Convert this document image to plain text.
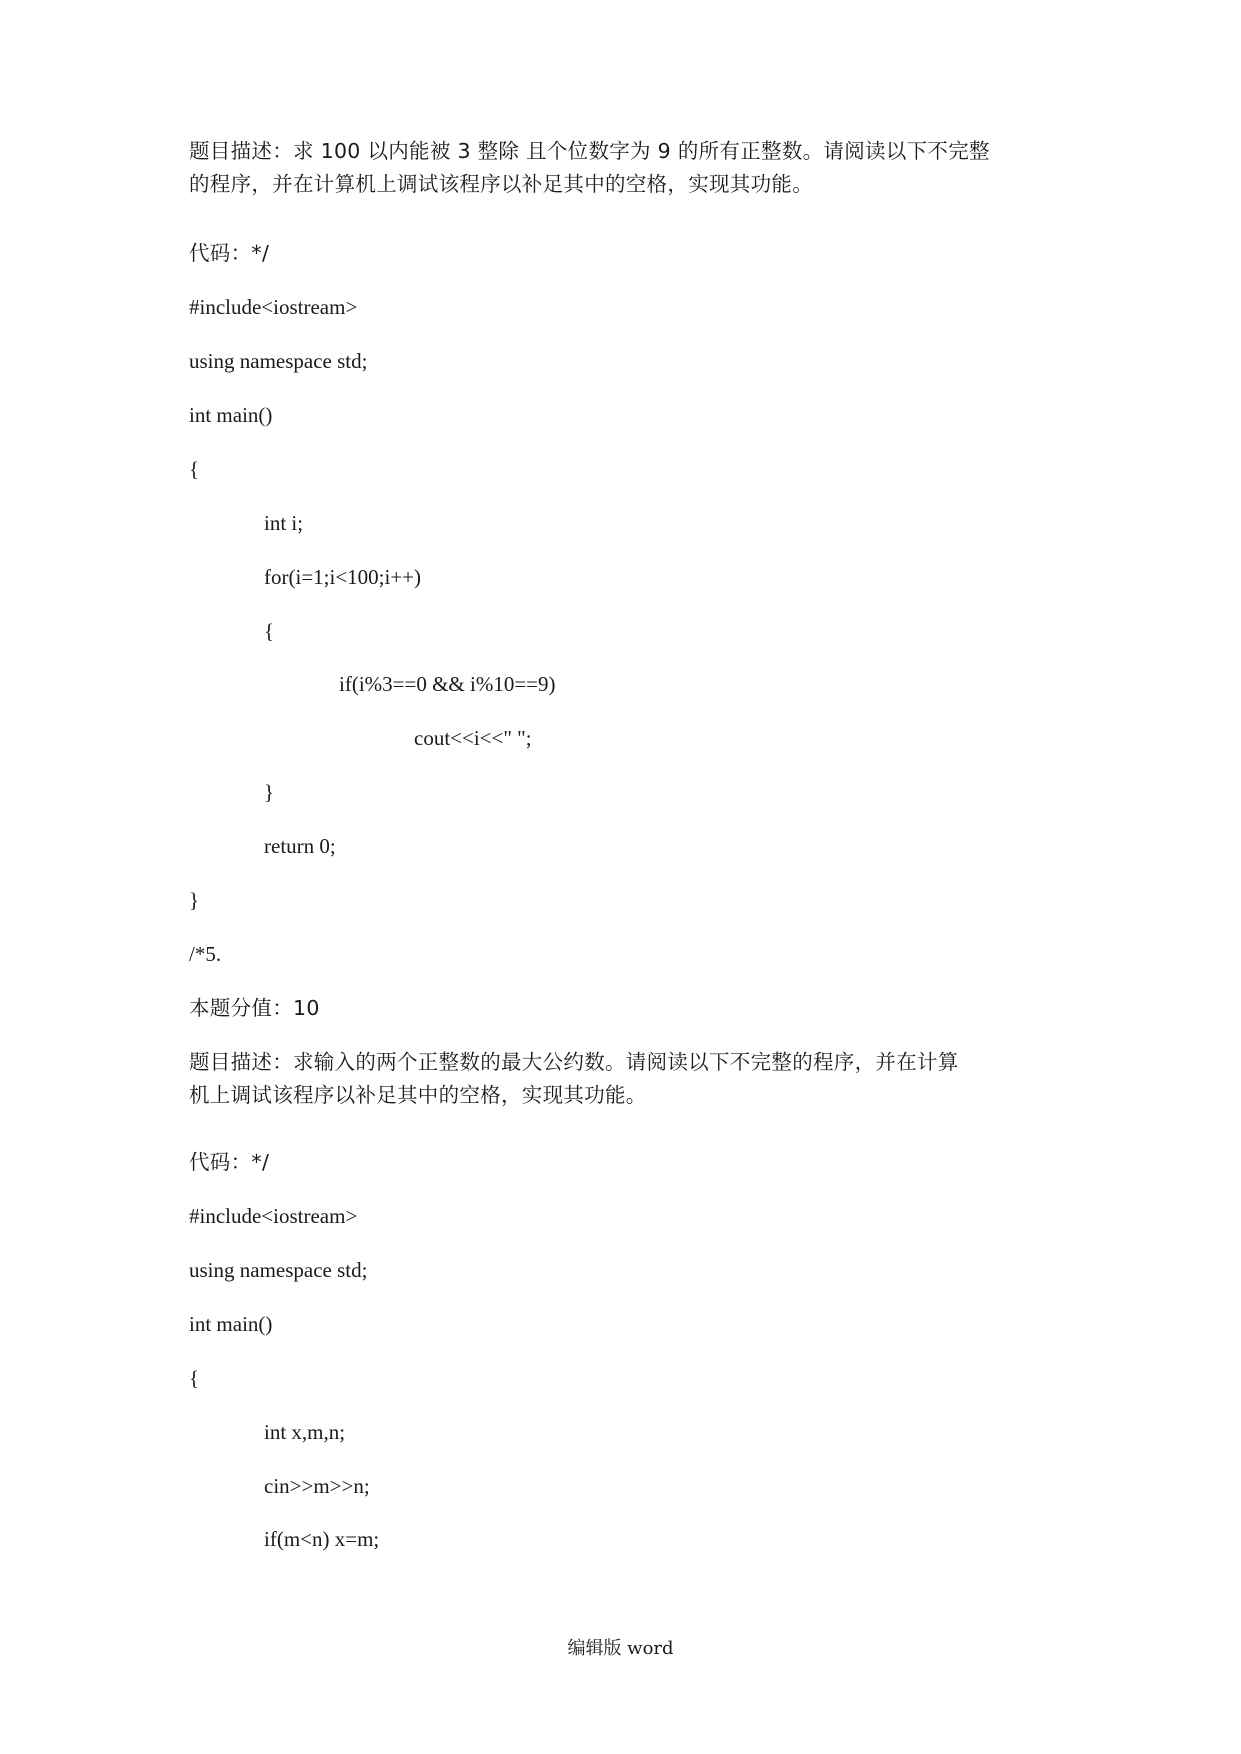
题目描述：求 100 以内能被 3 整除 且个位数字为 9 的所有正整数。请阅读以下不完整
的程序，并在计算机上调试该程序以补足其中的空格，实现其功能。
代码：*/
#include<iostream>
using namespace std;
int main()
{
int i;
for(i=1;i<100;i++)
{
if(i%3==0 && i%10==9)
cout<<i<<" ";
}
return 0;
}
/*5.
本题分值：10
题目描述：求输入的两个正整数的最大公约数。请阅读以下不完整的程序，并在计算
机上调试该程序以补足其中的空格，实现其功能。
代码：*/
#include<iostream>
using namespace std;
int main()
{
int x,m,n;
cin>>m>>n;
if(m<n) x=m;
编辑版 word
